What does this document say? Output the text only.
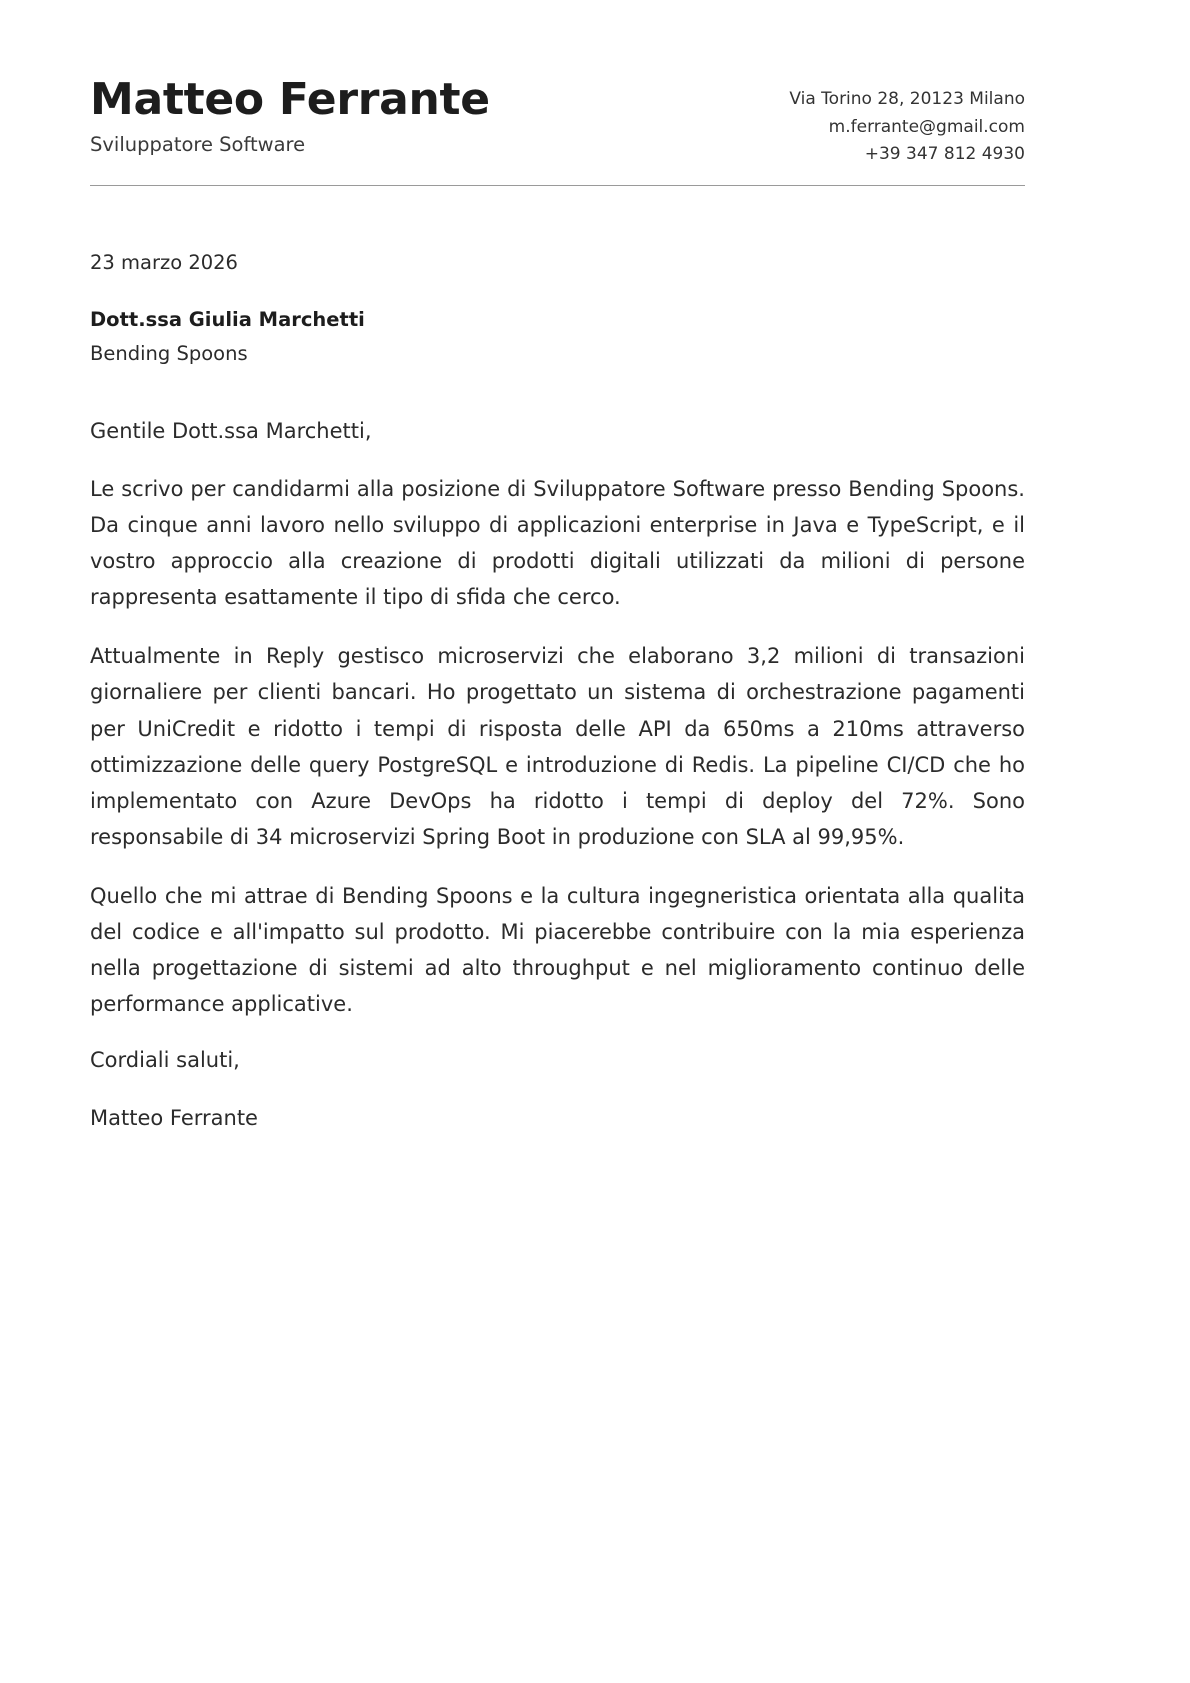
Matteo Ferrante
Sviluppatore Software
Via Torino 28, 20123 Milano
m.ferrante@gmail.com
+39 347 812 4930
23 marzo 2026
Dott.ssa Giulia Marchetti
Bending Spoons
Gentile Dott.ssa Marchetti,

Le scrivo per candidarmi alla posizione di Sviluppatore Software presso Bending Spoons. Da cinque anni lavoro nello sviluppo di applicazioni enterprise in Java e TypeScript, e il vostro approccio alla creazione di prodotti digitali utilizzati da milioni di persone rappresenta esattamente il tipo di sfida che cerco.

Attualmente in Reply gestisco microservizi che elaborano 3,2 milioni di transazioni giornaliere per clienti bancari. Ho progettato un sistema di orchestrazione pagamenti per UniCredit e ridotto i tempi di risposta delle API da 650ms a 210ms attraverso ottimizzazione delle query PostgreSQL e introduzione di Redis. La pipeline CI/CD che ho implementato con Azure DevOps ha ridotto i tempi di deploy del 72%. Sono responsabile di 34 microservizi Spring Boot in produzione con SLA al 99,95%.

Quello che mi attrae di Bending Spoons e la cultura ingegneristica orientata alla qualita del codice e all'impatto sul prodotto. Mi piacerebbe contribuire con la mia esperienza nella progettazione di sistemi ad alto throughput e nel miglioramento continuo delle performance applicative.

Cordiali saluti,
Matteo Ferrante
